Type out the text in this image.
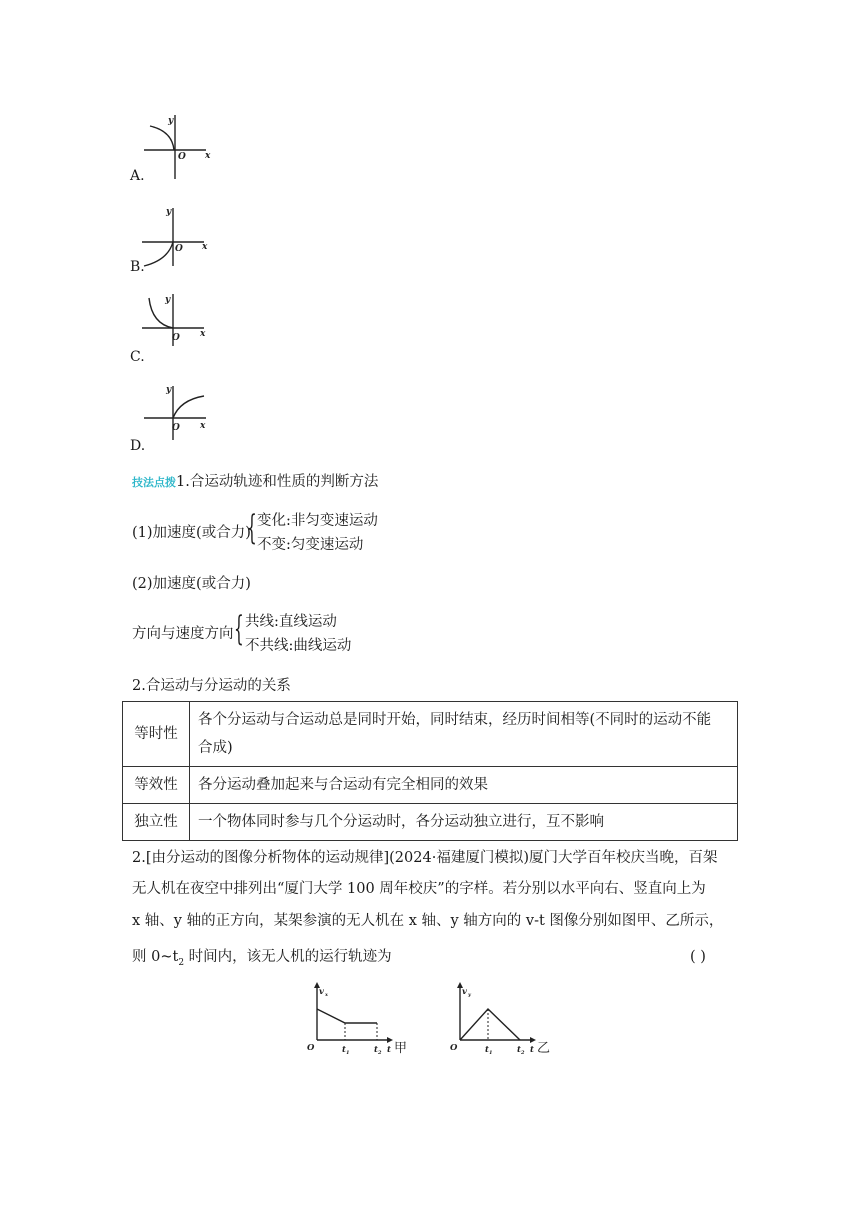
y
O x
A.
y
O x
B.
y
O x
C.
y
O x
D.
技法点拨1.合运动轨迹和性质的判断方法
(1)加速度(或合力)
{ 变化:非匀变速运动
不变:匀变速运动
(2)加速度(或合力)
方向与速度方向 { 共线:直线运动
不共线:曲线运动
2.合运动与分运动的关系
等时性	各个分运动与合运动总是同时开始，同时结束，经历时间相等(不同时的运动不能
合成)
等效性	各分运动叠加起来与合运动有完全相同的效果
独立性	一个物体同时参与几个分运动时，各分运动独立进行，互不影响
2.[由分运动的图像分析物体的运动规律](2024·福建厦门模拟)厦门大学百年校庆当晚，百架
无人机在夜空中排列出“厦门大学 100 周年校庆”的字样。若分别以水平向右、竖直向上为
x 轴、y 轴的正方向，某架参演的无人机在 x 轴、y 轴方向的 v-t 图像分别如图甲、乙所示，
则 $0\sim t_2$ 时间内，该无人机的运行轨迹为	( )
v x
O	t 1	t 2 t 甲
v y
O	t 1	t 2 t 乙
